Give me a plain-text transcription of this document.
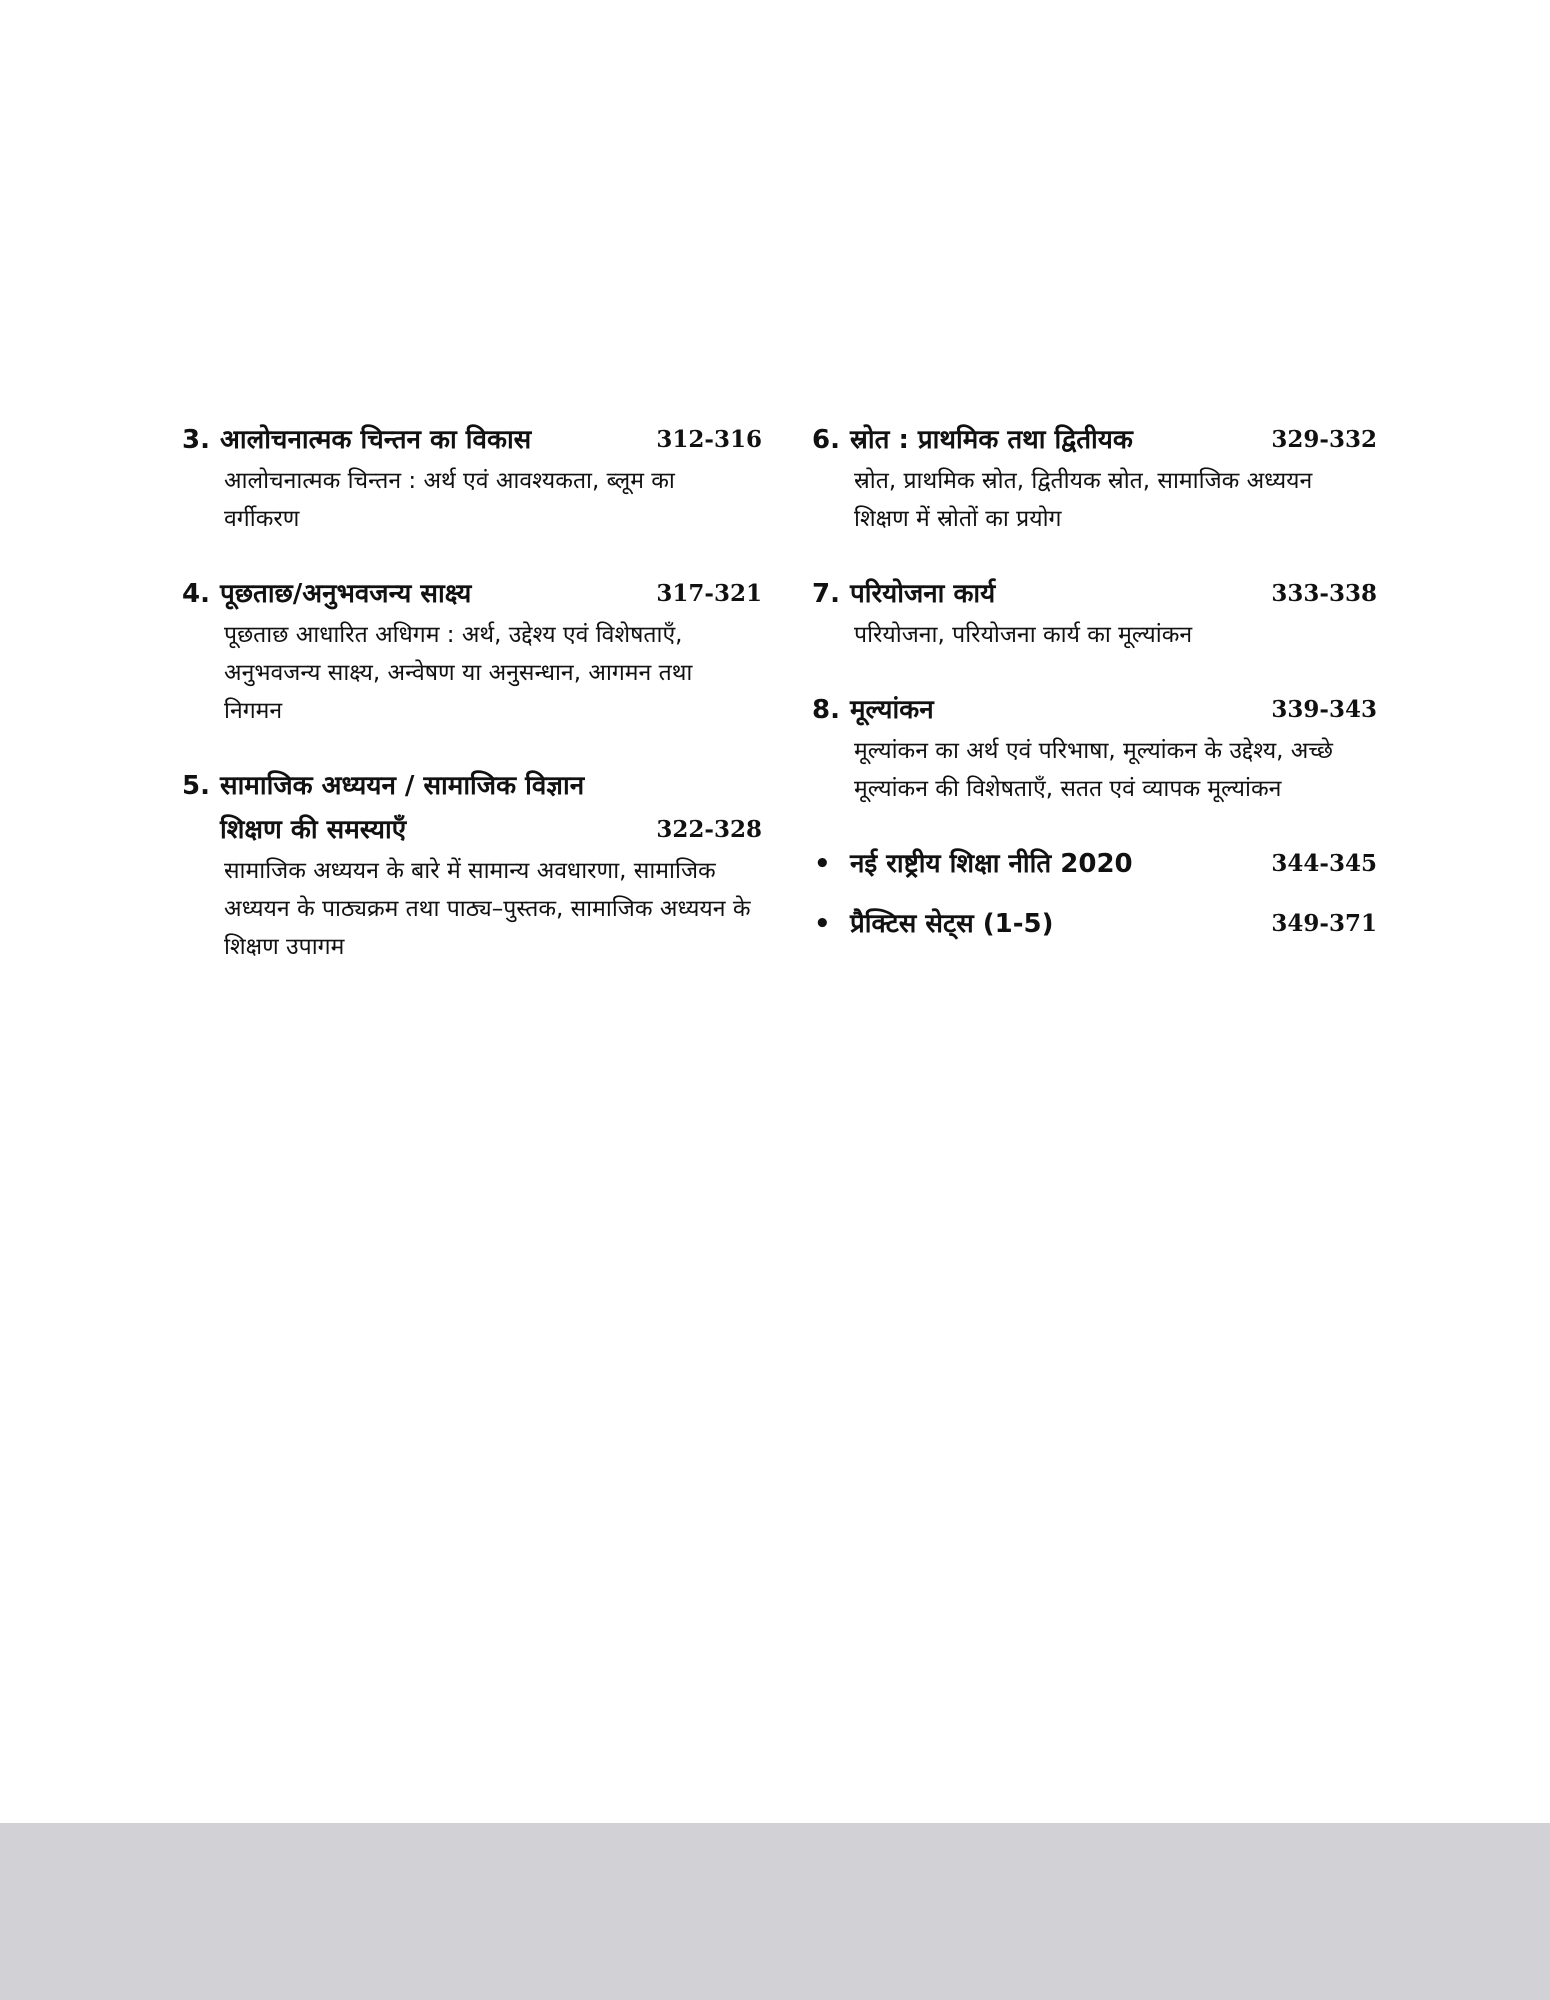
3. आलोचनात्मक चिन्तन का विकास	312-316
आलोचनात्मक चिन्तन : अर्थ एवं आवश्यकता, ब्लूम का वर्गीकरण
4. पूछताछ/अनुभवजन्य साक्ष्य	317-321
पूछताछ आधारित अधिगम : अर्थ, उद्देश्य एवं विशेषताएँ, अनुभवजन्य साक्ष्य, अन्वेषण या अनुसन्धान, आगमन तथा निगमन
5. सामाजिक अध्ययन / सामाजिक विज्ञान शिक्षण की समस्याएँ	322-328
सामाजिक अध्ययन के बारे में सामान्य अवधारणा, सामाजिक अध्ययन के पाठ्यक्रम तथा पाठ्य–पुस्तक, सामाजिक अध्ययन के शिक्षण उपागम
6. स्रोत : प्राथमिक तथा द्वितीयक	329-332
स्रोत, प्राथमिक स्रोत, द्वितीयक स्रोत, सामाजिक अध्ययन शिक्षण में स्रोतों का प्रयोग
7. परियोजना कार्य	333-338
परियोजना, परियोजना कार्य का मूल्यांकन
8. मूल्यांकन	339-343
मूल्यांकन का अर्थ एवं परिभाषा, मूल्यांकन के उद्देश्य, अच्छे मूल्यांकन की विशेषताएँ, सतत एवं व्यापक मूल्यांकन
• नई राष्ट्रीय शिक्षा नीति 2020	344-345
• प्रैक्टिस सेट्स (1-5)	349-371
